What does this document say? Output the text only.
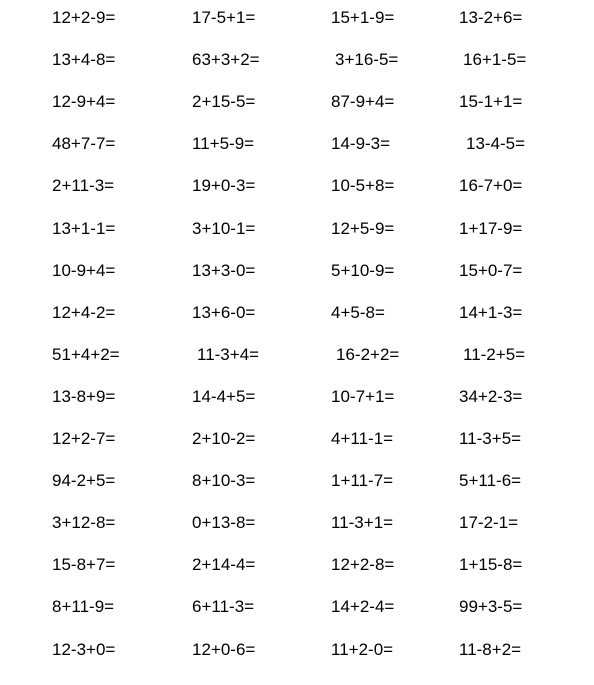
12+2-9=	17-5+1=	15+1-9=	13-2+6=
13+4-8=	63+3+2=	3+16-5=	16+1-5=
12-9+4=	2+15-5=	87-9+4=	15-1+1=
48+7-7=	11+5-9=	14-9-3=	13-4-5=
2+11-3=	19+0-3=	10-5+8=	16-7+0=
13+1-1=	3+10-1=	12+5-9=	1+17-9=
10-9+4=	13+3-0=	5+10-9=	15+0-7=
12+4-2=	13+6-0=	4+5-8=	14+1-3=
51+4+2=	11-3+4=	16-2+2=	11-2+5=
13-8+9=	14-4+5=	10-7+1=	34+2-3=
12+2-7=	2+10-2=	4+11-1=	11-3+5=
94-2+5=	8+10-3=	1+11-7=	5+11-6=
3+12-8=	0+13-8=	11-3+1=	17-2-1=
15-8+7=	2+14-4=	12+2-8=	1+15-8=
8+11-9=	6+11-3=	14+2-4=	99+3-5=
12-3+0=	12+0-6=	11+2-0=	11-8+2=
